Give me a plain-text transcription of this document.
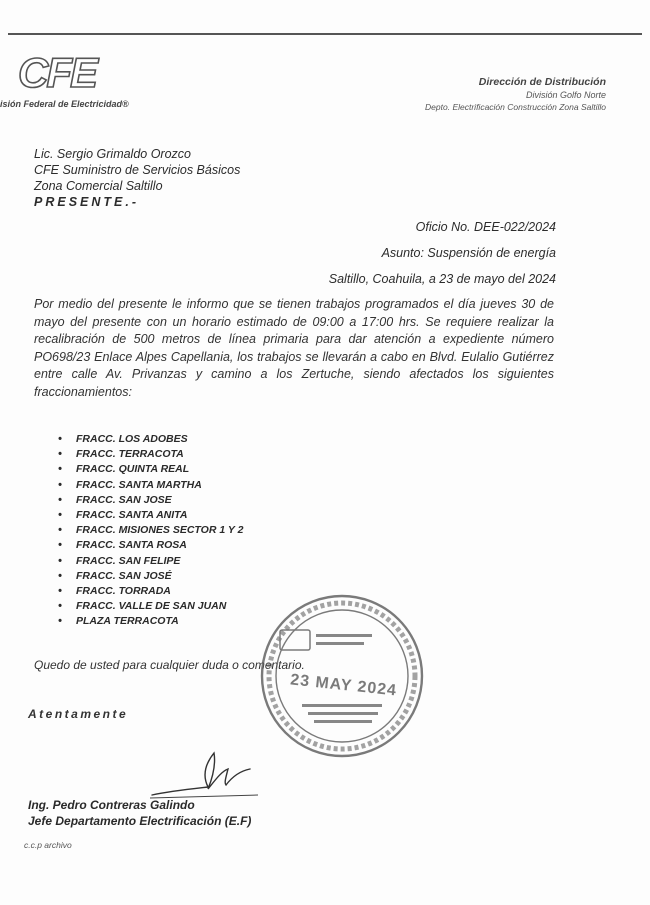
CFE
isión Federal de Electricidad®
Dirección de Distribución
División Golfo Norte
Depto. Electrificación Construcción Zona Saltillo
Lic. Sergio Grimaldo Orozco
CFE Suministro de Servicios Básicos
Zona Comercial Saltillo
PRESENTE.-
Oficio No. DEE-022/2024
Asunto: Suspensión de energía
Saltillo, Coahuila, a 23 de mayo del 2024
Por medio del presente le informo que se tienen trabajos programados el día jueves 30 de mayo del presente con un horario estimado de 09:00 a 17:00 hrs. Se requiere realizar la recalibración de 500 metros de línea primaria para dar atención a expediente número PO698/23 Enlace Alpes Capellania, los trabajos se llevarán a cabo en Blvd. Eulalio Gutiérrez entre calle Av. Privanzas y camino a los Zertuche, siendo afectados los siguientes fraccionamientos:
• FRACC. LOS ADOBES
• FRACC. TERRACOTA
• FRACC. QUINTA REAL
• FRACC. SANTA MARTHA
• FRACC. SAN JOSE
• FRACC. SANTA ANITA
• FRACC. MISIONES SECTOR 1 Y 2
• FRACC. SANTA ROSA
• FRACC. SAN FELIPE
• FRACC. SAN JOSÉ
• FRACC. TORRADA
• FRACC. VALLE DE SAN JUAN
• PLAZA TERRACOTA
Quedo de usted para cualquier duda o comentario.
Atentamente
Ing. Pedro Contreras Galindo
Jefe Departamento Electrificación (E.F)
c.c.p archivo
23 MAY 2024
